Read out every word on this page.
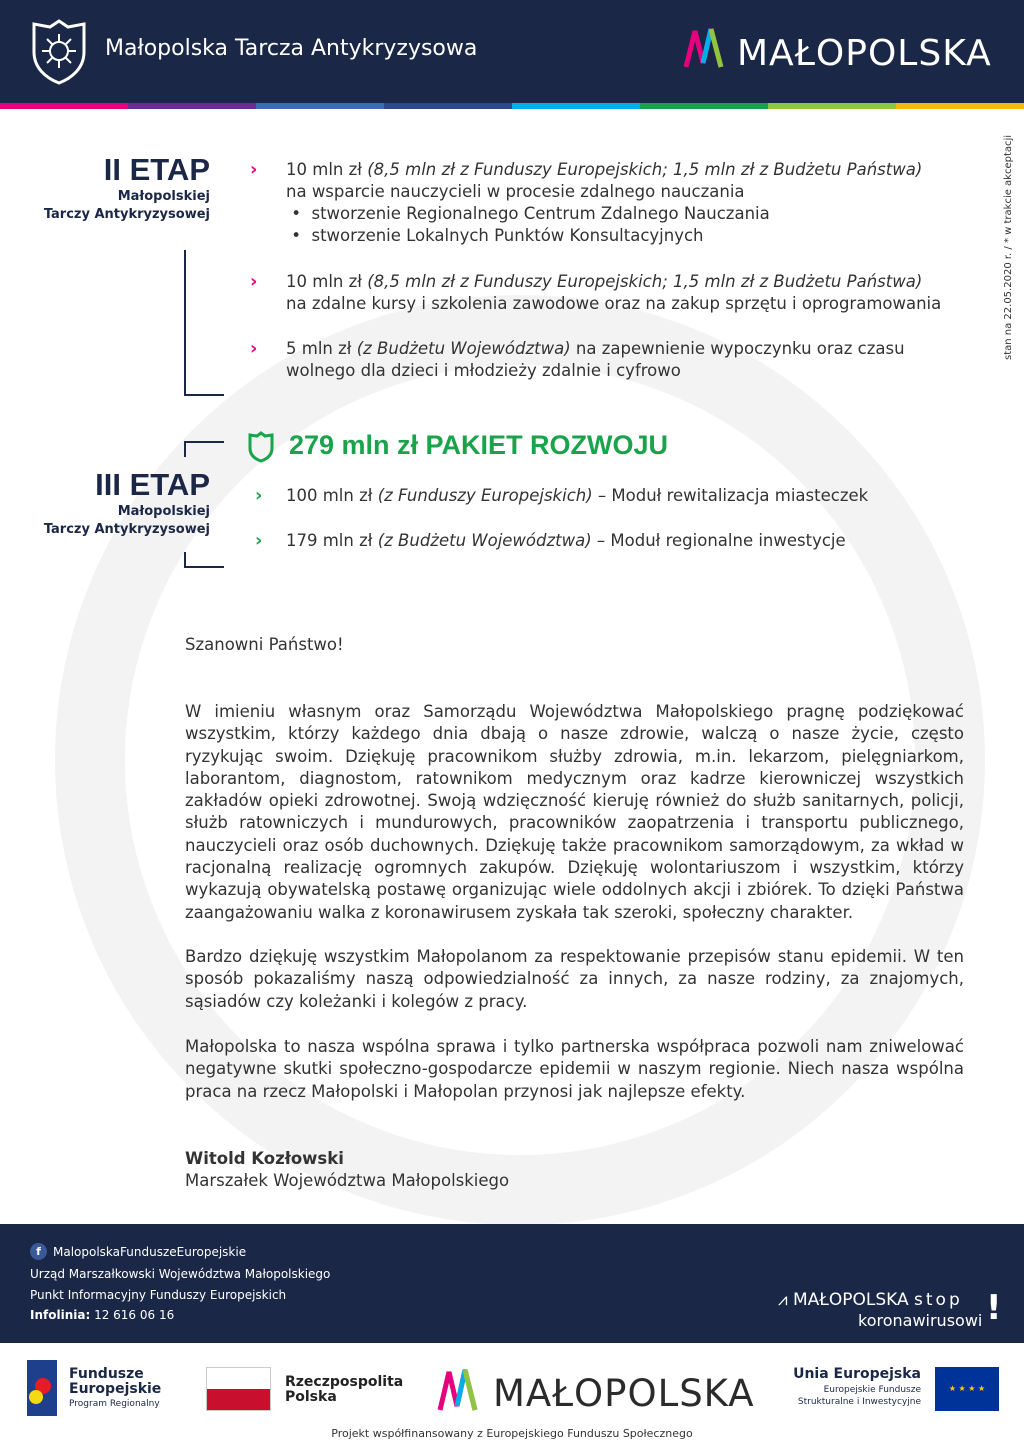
Małopolska Tarcza Antykryzysowa	MAŁOPOLSKA
stan na 22.05.2020 r. / * w trakcie akceptacji
II ETAP
Małopolskiej
Tarczy Antykryzysowej
› 10 mln zł (8,5 mln zł z Funduszy Europejskich; 1,5 mln zł z Budżetu Państwa)
na wsparcie nauczycieli w procesie zdalnego nauczania
•  stworzenie Regionalnego Centrum Zdalnego Nauczania
•  stworzenie Lokalnych Punktów Konsultacyjnych
› 10 mln zł (8,5 mln zł z Funduszy Europejskich; 1,5 mln zł z Budżetu Państwa)
na zdalne kursy i szkolenia zawodowe oraz na zakup sprzętu i oprogramowania
› 5 mln zł (z Budżetu Województwa) na zapewnienie wypoczynku oraz czasu wolnego dla dzieci i młodzieży zdalnie i cyfrowo
III ETAP
Małopolskiej
Tarczy Antykryzysowej
279 mln zł PAKIET ROZWOJU
› 100 mln zł (z Funduszy Europejskich) – Moduł rewitalizacja miasteczek
› 179 mln zł (z Budżetu Województwa) – Moduł regionalne inwestycje
Szanowni Państwo!
W imieniu własnym oraz Samorządu Województwa Małopolskiego pragnę podziękować wszystkim, którzy każdego dnia dbają o nasze zdrowie, walczą o nasze życie, często ryzykując swoim. Dziękuję pracownikom służby zdrowia, m.in. lekarzom, pielęgniarkom, laborantom, diagnostom, ratownikom medycznym oraz kadrze kierowniczej wszystkich zakładów opieki zdrowotnej. Swoją wdzięczność kieruję również do służb sanitarnych, policji, służb ratowniczych i mundurowych, pracowników zaopatrzenia i transportu publicznego, nauczycieli oraz osób duchownych. Dziękuję także pracownikom samorządowym, za wkład w racjonalną realizację ogromnych zakupów. Dziękuję wolontariuszom i wszystkim, którzy wykazują obywatelską postawę organizując wiele oddolnych akcji i zbiórek. To dzięki Państwa zaangażowaniu walka z koronawirusem zyskała tak szeroki, społeczny charakter.
Bardzo dziękuję wszystkim Małopolanom za respektowanie przepisów stanu epidemii. W ten sposób pokazaliśmy naszą odpowiedzialność za innych, za nasze rodziny, za znajomych, sąsiadów czy koleżanki i kolegów z pracy.
Małopolska to nasza wspólna sprawa i tylko partnerska współpraca pozwoli nam zniwelować negatywne skutki społeczno-gospodarcze epidemii w naszym regionie. Niech nasza wspólna praca na rzecz Małopolski i Małopolan przynosi jak najlepsze efekty.
Witold Kozłowski
Marszałek Województwa Małopolskiego
f	MalopolskaFunduszeEuropejskie
Urząd Marszałkowski Województwa Małopolskiego
Punkt Informacyjny Funduszy Europejskich
Infolinia: 12 616 06 16
⩘ MAŁOPOLSKA stop
koronawirusowi !
Fundusze
Europejskie
Program Regionalny
Rzeczpospolita
Polska	MAŁOPOLSKA	Unia Europejska
Europejskie Fundusze
Strukturalne i Inwestycyjne
★ ★ ★ ★
Projekt współfinansowany z Europejskiego Funduszu Społecznego
